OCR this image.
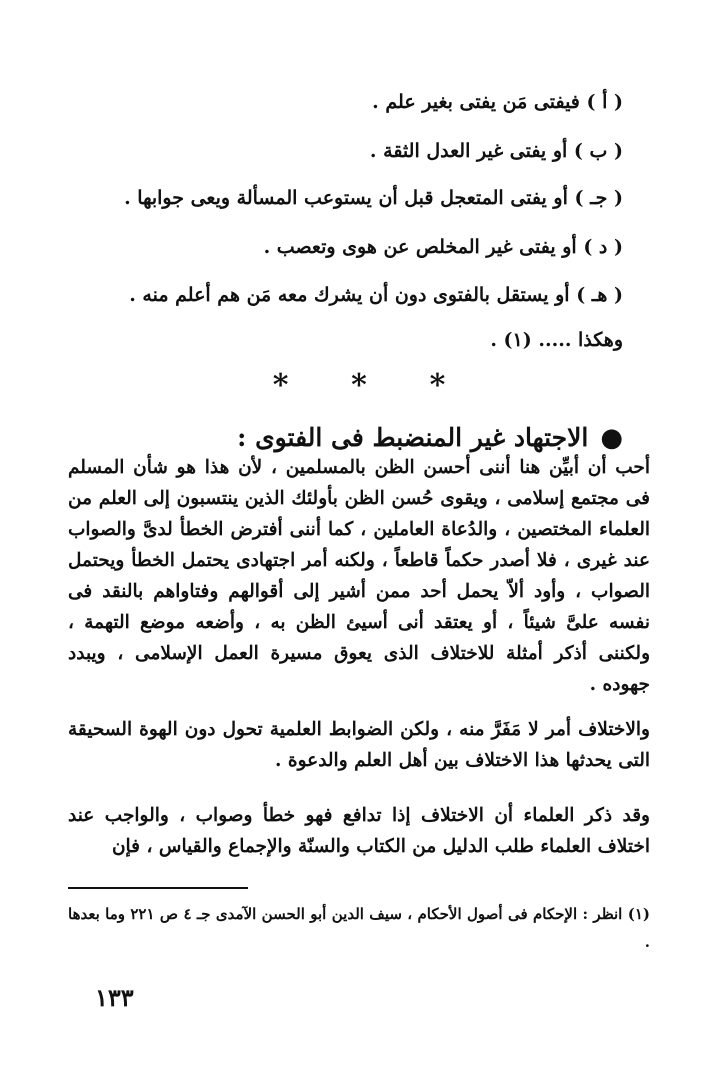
( أ ) فيفتى مَن يفتى بغير علم .
( ب ) أو يفتى غير العدل الثقة .
( جـ ) أو يفتى المتعجل قبل أن يستوعب المسألة ويعى جوابها .
( د ) أو يفتى غير المخلص عن هوى وتعصب .
( هـ ) أو يستقل بالفتوى دون أن يشرك معه مَن هم أعلم منه .
وهكذا ..... (١) .
* * *
●الاجتهاد غير المنضبط فى الفتوى :

أحب أن أبيِّن هنا أننى أحسن الظن بالمسلمين ، لأن هذا هو شأن المسلم فى مجتمع إسلامى ، ويقوى حُسن الظن بأولئك الذين ينتسبون إلى العلم من العلماء المختصين ، والدُعاة العاملين ، كما أننى أفترض الخطأ لدىَّ والصواب عند غيرى ، فلا أصدر حكماً قاطعاً ، ولكنه أمر اجتهادى يحتمل الخطأ ويحتمل الصواب ، وأود ألاّ يحمل أحد ممن أشير إلى أقوالهم وفتاواهم بالنقد فى نفسه علىَّ شيئاً ، أو يعتقد أنى أسيئ الظن به ، وأضعه موضع التهمة ، ولكننى أذكر أمثلة للاختلاف الذى يعوق مسيرة العمل الإسلامى ، ويبدد جهوده .

والاختلاف أمر لا مَفَرَّ منه ، ولكن الضوابط العلمية تحول دون الهوة السحيقة التى يحدثها هذا الاختلاف بين أهل العلم والدعوة .

وقد ذكر العلماء أن الاختلاف إذا تدافع فهو خطأ وصواب ، والواجب عند اختلاف العلماء طلب الدليل من الكتاب والسنّة والإجماع والقياس ، فإن

(١) انظر : الإحكام فى أصول الأحكام ، سيف الدين أبو الحسن الآمدى جـ ٤ ص ٢٢١ وما بعدها .

١٣٣
